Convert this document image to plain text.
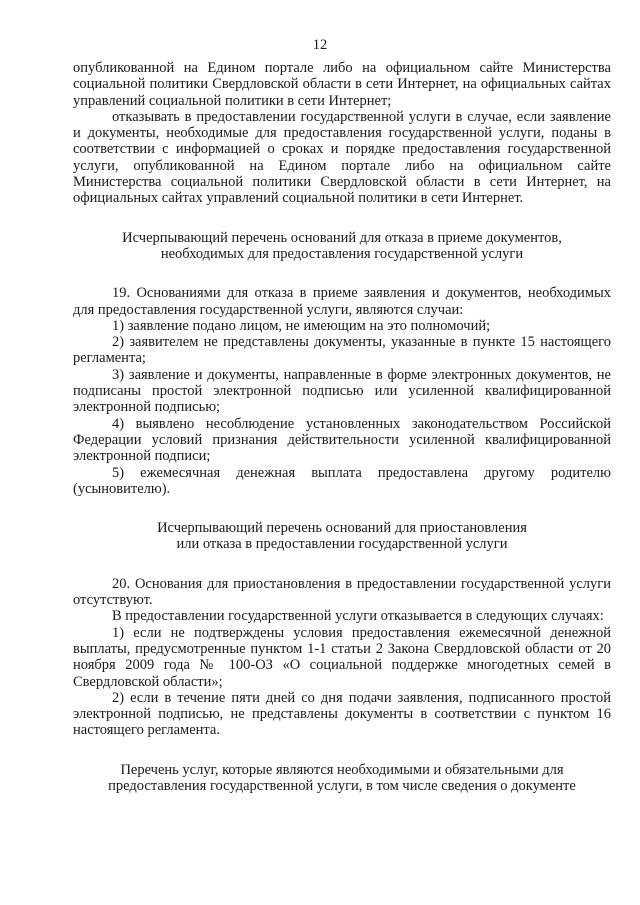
12

опубликованной на Едином портале либо на официальном сайте Министерства социальной политики Свердловской области в сети Интернет, на официальных сайтах управлений социальной политики в сети Интернет;

отказывать в предоставлении государственной услуги в случае, если заявление и документы, необходимые для предоставления государственной услуги, поданы в соответствии с информацией о сроках и порядке предоставления государственной услуги, опубликованной на Едином портале либо на официальном сайте Министерства социальной политики Свердловской области в сети Интернет, на официальных сайтах управлений социальной политики в сети Интернет.

Исчерпывающий перечень оснований для отказа в приеме документов,
необходимых для предоставления государственной услуги

19. Основаниями для отказа в приеме заявления и документов, необходимых для предоставления государственной услуги, являются случаи:

1) заявление подано лицом, не имеющим на это полномочий;

2) заявителем не представлены документы, указанные в пункте 15 настоящего регламента;

3) заявление и документы, направленные в форме электронных документов, не подписаны простой электронной подписью или усиленной квалифицированной электронной подписью;

4) выявлено несоблюдение установленных законодательством Российской Федерации условий признания действительности усиленной квалифицированной электронной подписи;

5) ежемесячная денежная выплата предоставлена другому родителю (усыновителю).

Исчерпывающий перечень оснований для приостановления
или отказа в предоставлении государственной услуги

20. Основания для приостановления в предоставлении государственной услуги отсутствуют.

В предоставлении государственной услуги отказывается в следующих случаях:

1) если не подтверждены условия предоставления ежемесячной денежной выплаты, предусмотренные пунктом 1-1 статьи 2 Закона Свердловской области от 20 ноября 2009 года № 100-ОЗ «О социальной поддержке многодетных семей в Свердловской области»;

2) если в течение пяти дней со дня подачи заявления, подписанного простой электронной подписью, не представлены документы в соответствии с пунктом 16 настоящего регламента.

Перечень услуг, которые являются необходимыми и обязательными для
предоставления государственной услуги, в том числе сведения о документе
